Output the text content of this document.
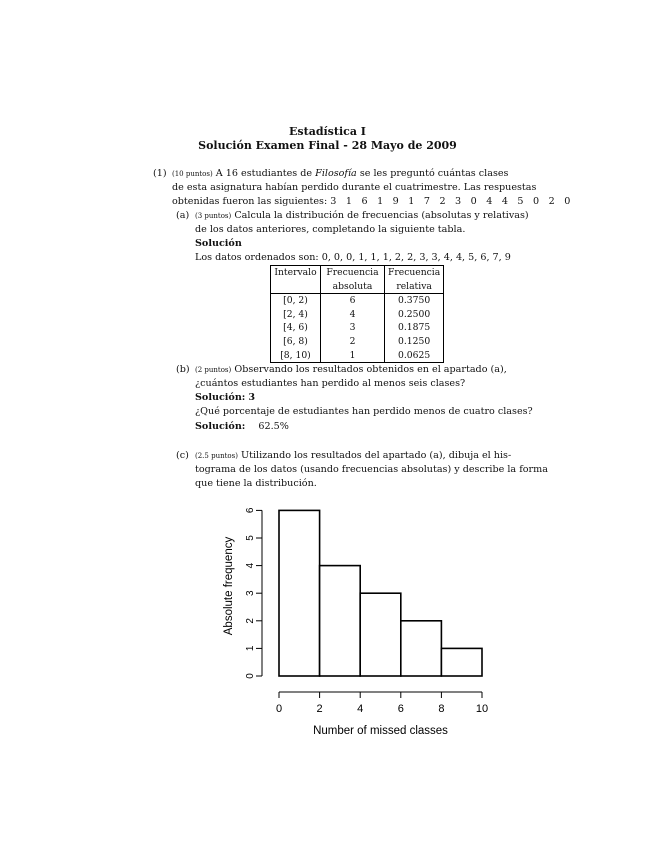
Estadística I
Solución Examen Final - 28 Mayo de 2009
(1) (10 puntos) A 16 estudiantes de Filosofía se les preguntó cuántas clases
de esta asignatura habían perdido durante el cuatrimestre. Las respuestas
obtenidas fueron las siguientes: 3 1 6 1 9 1 7 2 3 0 4 4 5 0 2 0
(a) (3 puntos) Calcula la distribución de frecuencias (absolutas y relativas)
de los datos anteriores, completando la siguiente tabla.
Solución
Los datos ordenados son: 0, 0, 0, 1, 1, 1, 2, 2, 3, 3, 4, 4, 5, 6, 7, 9
Intervalo	Frecuencia	Frecuencia
	absoluta	relativa
[0, 2)	6	0.3750
[2, 4)	4	0.2500
[4, 6)	3	0.1875
[6, 8)	2	0.1250
[8, 10)	1	0.0625
(b) (2 puntos) Observando los resultados obtenidos en el apartado (a),
¿cuántos estudiantes han perdido al menos seis clases?
Solución: 3
¿Qué porcentaje de estudiantes han perdido menos de cuatro clases?
Solución: 62.5%
(c) (2.5 puntos) Utilizando los resultados del apartado (a), dibuja el his-
tograma de los datos (usando frecuencias absolutas) y describe la forma
que tiene la distribución.
0
1
2
3
4
5
6
0	2	4	6	8	10
Number of missed classes
Absolute frequency
